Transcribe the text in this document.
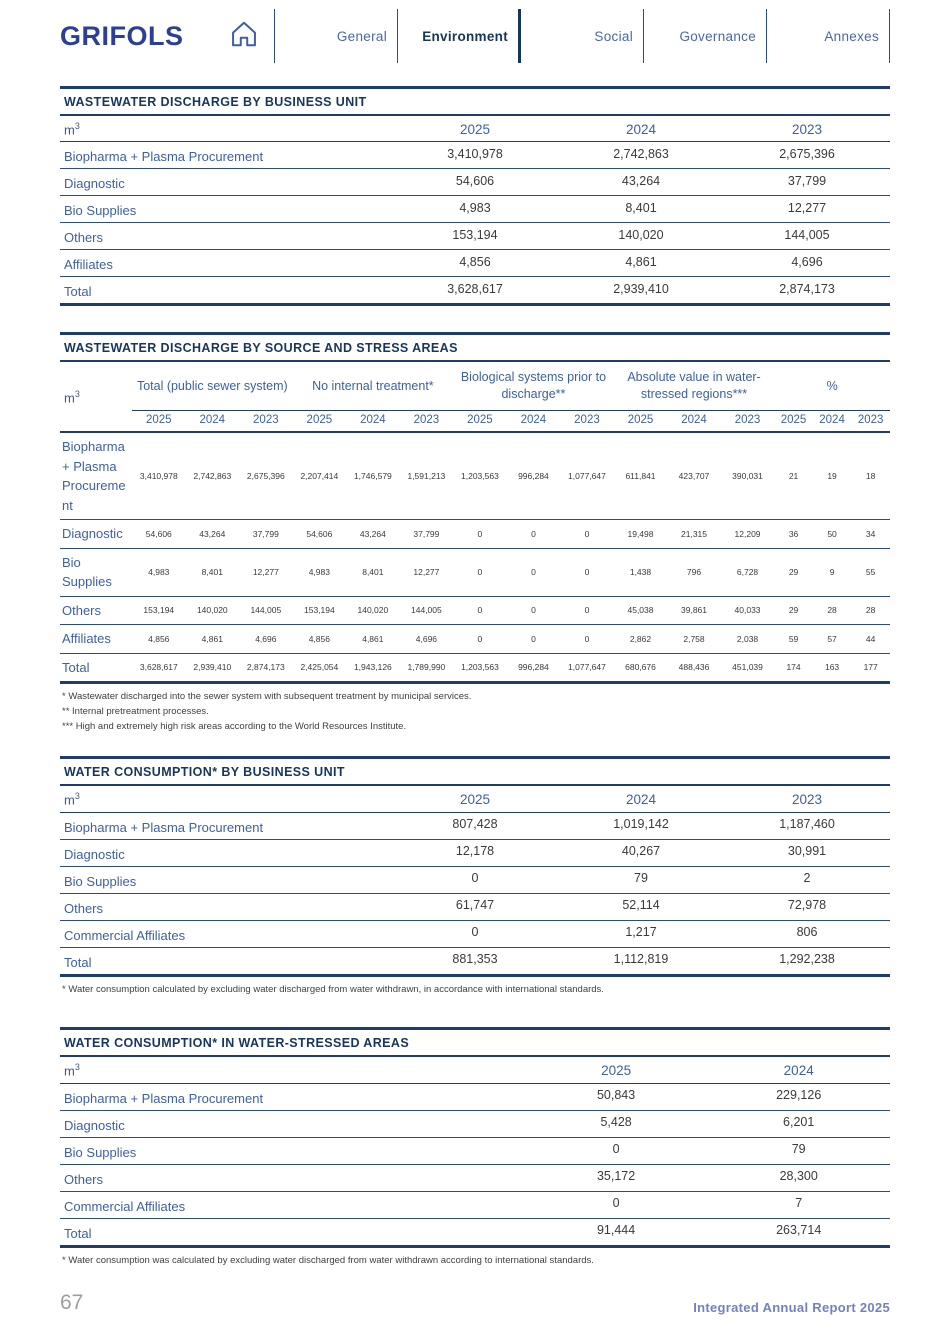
GRIFOLS	General	Environment	Social	Governance	Annexes
WASTEWATER DISCHARGE BY BUSINESS UNIT
$m^3$	2025	2024	2023
Biopharma + Plasma Procurement	3,410,978	2,742,863	2,675,396
Diagnostic	54,606	43,264	37,799
Bio Supplies	4,983	8,401	12,277
Others	153,194	140,020	144,005
Affiliates	4,856	4,861	4,696
Total	3,628,617	2,939,410	2,874,173
WASTEWATER DISCHARGE BY SOURCE AND STRESS AREAS
$m^3$	Total (public sewer system)			No internal treatment*			Biological systems prior to discharge**			Absolute value in water-stressed regions***			%		
	2025	2024	2023	2025	2024	2023	2025	2024	2023	2025	2024	2023	2025	2024	2023
Biopharma + Plasma Procurement	3,410,978	2,742,863	2,675,396	2,207,414	1,746,579	1,591,213	1,203,563	996,284	1,077,647	611,841	423,707	390,031	21	19	18
Diagnostic	54,606	43,264	37,799	54,606	43,264	37,799	0	0	0	19,498	21,315	12,209	36	50	34
Bio Supplies	4,983	8,401	12,277	4,983	8,401	12,277	0	0	0	1,438	796	6,728	29	9	55
Others	153,194	140,020	144,005	153,194	140,020	144,005	0	0	0	45,038	39,861	40,033	29	28	28
Affiliates	4,856	4,861	4,696	4,856	4,861	4,696	0	0	0	2,862	2,758	2,038	59	57	44
Total	3,628,617	2,939,410	2,874,173	2,425,054	1,943,126	1,789,990	1,203,563	996,284	1,077,647	680,676	488,436	451,039	174	163	177
* Wastewater discharged into the sewer system with subsequent treatment by municipal services.
** Internal pretreatment processes.
*** High and extremely high risk areas according to the World Resources Institute.
WATER CONSUMPTION* BY BUSINESS UNIT
$m^3$	2025	2024	2023
Biopharma + Plasma Procurement	807,428	1,019,142	1,187,460
Diagnostic	12,178	40,267	30,991
Bio Supplies	0	79	2
Others	61,747	52,114	72,978
Commercial Affiliates	0	1,217	806
Total	881,353	1,112,819	1,292,238
* Water consumption calculated by excluding water discharged from water withdrawn, in accordance with international standards.
WATER CONSUMPTION* IN WATER-STRESSED AREAS
$m^3$	2025	2024
Biopharma + Plasma Procurement	50,843	229,126
Diagnostic	5,428	6,201
Bio Supplies	0	79
Others	35,172	28,300
Commercial Affiliates	0	7
Total	91,444	263,714
* Water consumption was calculated by excluding water discharged from water withdrawn according to international standards.
67	Integrated Annual Report 2025
